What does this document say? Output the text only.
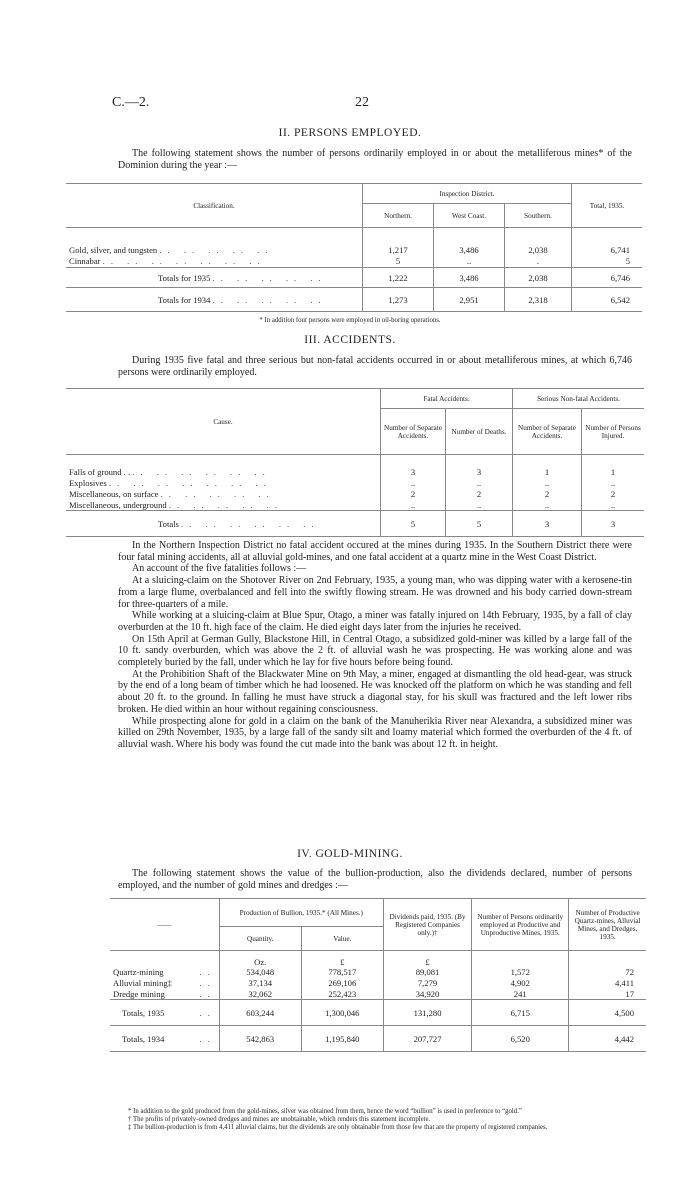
C.—2.	22
II. PERSONS EMPLOYED.

The following statement shows the number of persons ordinarily employed in or about the metalliferous mines* of the Dominion during the year :—

Classification.	Inspection District.			Total, 1935.
	Northern.	West Coast.	Southern.	

Gold, silver, and tungsten .. .. .. .. ..	1,217	3,486	2,038	6,741
Cinnabar .. .. .. .. .. .. ..	5	..	.	5
Totals for 1935 .. .. .. .. ..	1,222	3,486	2,038	6,746
Totals for 1934 .. .. .. .. ..	1,273	2,951	2,318	6,542
* In addition four persons were employed in oil-boring operations.
III. ACCIDENTS.

During 1935 five fatal and three serious but non-fatal accidents occurred in or about metalliferous mines, at which 6,746 persons were ordinarily employed.

Cause.	Fatal Accidents.		Serious Non-fatal Accidents.	
	Number of Separate Accidents.	Number of Deaths.	Number of Separate Accidents.	Number of Persons Injured.

Falls of ground . . .. .. .. .. .. ..	3	3	1	1
Explosives .. .. .. .. .. .. ..	..	..	..	..
Miscellaneous, on surface .. .. .. .. ..	2	2	2	2
Miscellaneous, underground .. .. .. .. ..	..	..	..	..
Totals .. .. .. .. .. ..	5	5	3	3

In the Northern Inspection District no fatal accident occured at the mines during 1935. In the Southern District there were four fatal mining accidents, all at alluvial gold-mines, and one fatal accident at a quartz mine in the West Coast District.

An account of the five fatalities follows :—

At a sluicing-claim on the Shotover River on 2nd February, 1935, a young man, who was dipping water with a kerosene-tin from a large flume, overbalanced and fell into the swiftly flowing stream. He was drowned and his body carried down-stream for three-quarters of a mile.

While working at a sluicing-claim at Blue Spur, Otago, a miner was fatally injured on 14th February, 1935, by a fall of clay overburden at the 10 ft. high face of the claim. He died eight days later from the injuries he received.

On 15th April at German Gully, Blackstone Hill, in Central Otago, a subsidized gold-miner was killed by a large fall of the 10 ft. sandy overburden, which was above the 2 ft. of alluvial wash he was prospecting. He was working alone and was completely buried by the fall, under which he lay for five hours before being found.

At the Prohibition Shaft of the Blackwater Mine on 9th May, a miner, engaged at dismantling the old head-gear, was struck by the end of a long beam of timber which he had loosened. He was knocked off the platform on which he was standing and fell about 20 ft. to the ground. In falling he must have struck a diagonal stay, for his skull was fractured and the left lower ribs broken. He died within an hour without regaining consciousness.

While prospecting alone for gold in a claim on the bank of the Manuherikia River near Alexandra, a subsidized miner was killed on 29th November, 1935, by a large fall of the sandy silt and loamy material which formed the overburden of the 4 ft. of alluvial wash. Where his body was found the cut made into the bank was about 12 ft. in height.

IV. GOLD-MINING.

The following statement shows the value of the bullion-production, also the dividends declared, number of persons employed, and the number of gold mines and dredges :—

——	Production of Bullion, 1935.* (All Mines.)		Dividends paid, 1935. (By Registered Companies only.)†	Number of Persons ordinarily employed at Productive and Unproductive Mines, 1935.	Number of Productive Quartz-mines, Alluvial Mines, and Dredges, 1935.
	Quantity.	Value.			
	Oz.	£	£		
Quartz-mining ..	534,048	778,517	89,081	1,572	72
Alluvial mining‡ ..	37,134	269,106	7,279	4,902	4,411
Dredge mining ..	32,062	252,423	34,920	241	17
Totals, 1935 ..	603,244	1,300,046	131,280	6,715	4,500
Totals, 1934 ..	542,863	1,195,840	207,727	6,520	4,442
* In addition to the gold produced from the gold-mines, silver was obtained from them, hence the word “bullion” is used in preference to “gold.”
† The profits of privately-owned dredges and mines are unobtainable, which renders this statement incomplete.
‡ The bullion-production is from 4,411 alluvial claims, but the dividends are only obtainable from those few that are the property of registered companies.
